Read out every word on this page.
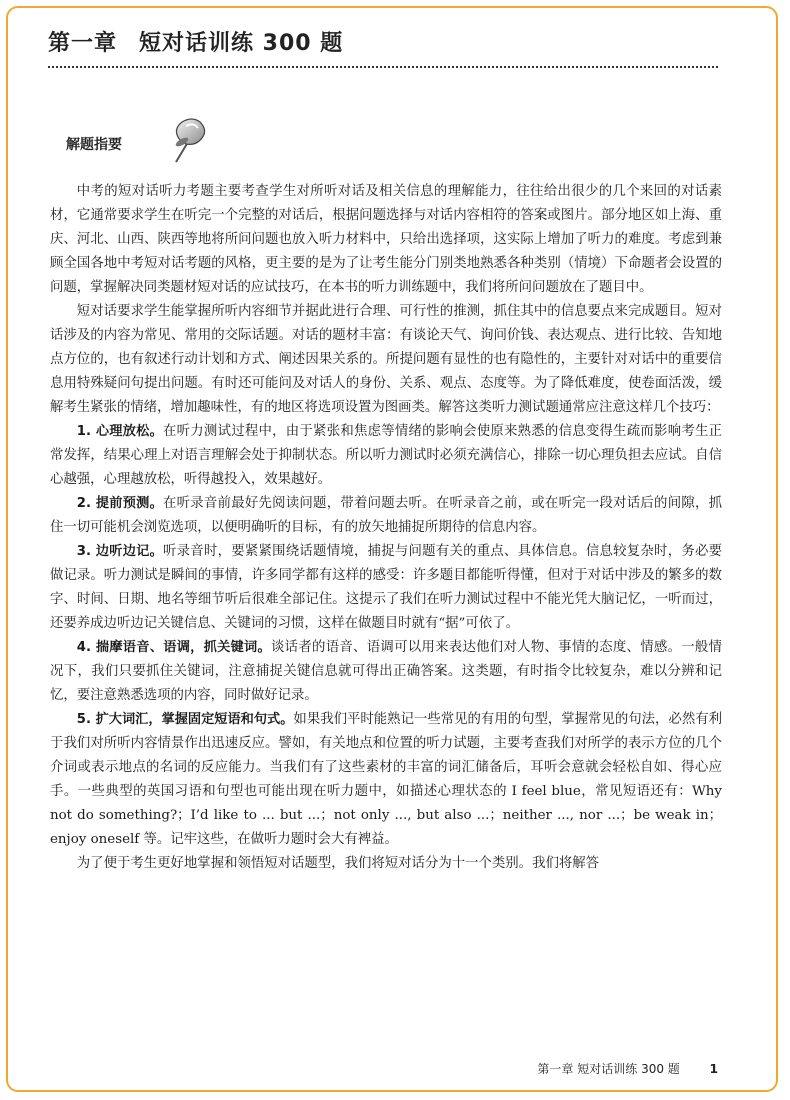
第一章 短对话训练 300 题
解题指要

中考的短对话听力考题主要考查学生对所听对话及相关信息的理解能力，往往给出很少的几个来回的对话素材，它通常要求学生在听完一个完整的对话后，根据问题选择与对话内容相符的答案或图片。部分地区如上海、重庆、河北、山西、陕西等地将所问问题也放入听力材料中，只给出选择项，这实际上增加了听力的难度。考虑到兼顾全国各地中考短对话考题的风格，更主要的是为了让考生能分门别类地熟悉各种类别（情境）下命题者会设置的问题，掌握解决同类题材短对话的应试技巧，在本书的听力训练题中，我们将所问问题放在了题目中。

短对话要求学生能掌握所听内容细节并据此进行合理、可行性的推测，抓住其中的信息要点来完成题目。短对话涉及的内容为常见、常用的交际话题。对话的题材丰富：有谈论天气、询问价钱、表达观点、进行比较、告知地点方位的，也有叙述行动计划和方式、阐述因果关系的。所提问题有显性的也有隐性的，主要针对对话中的重要信息用特殊疑问句提出问题。有时还可能问及对话人的身份、关系、观点、态度等。为了降低难度，使卷面活泼，缓解考生紧张的情绪，增加趣味性，有的地区将选项设置为图画类。解答这类听力测试题通常应注意这样几个技巧：

1. 心理放松。在听力测试过程中，由于紧张和焦虑等情绪的影响会使原来熟悉的信息变得生疏而影响考生正常发挥，结果心理上对语言理解会处于抑制状态。所以听力测试时必须充满信心，排除一切心理负担去应试。自信心越强，心理越放松，听得越投入，效果越好。

2. 提前预测。在听录音前最好先阅读问题，带着问题去听。在听录音之前，或在听完一段对话后的间隙，抓住一切可能机会浏览选项，以便明确听的目标，有的放矢地捕捉所期待的信息内容。

3. 边听边记。听录音时，要紧紧围绕话题情境，捕捉与问题有关的重点、具体信息。信息较复杂时，务必要做记录。听力测试是瞬间的事情，许多同学都有这样的感受：许多题目都能听得懂，但对于对话中涉及的繁多的数字、时间、日期、地名等细节听后很难全部记住。这提示了我们在听力测试过程中不能光凭大脑记忆，一听而过，还要养成边听边记关键信息、关键词的习惯，这样在做题目时就有“据”可依了。

4. 揣摩语音、语调，抓关键词。谈话者的语音、语调可以用来表达他们对人物、事情的态度、情感。一般情况下，我们只要抓住关键词，注意捕捉关键信息就可得出正确答案。这类题，有时指令比较复杂，难以分辨和记忆，要注意熟悉选项的内容，同时做好记录。

5. 扩大词汇，掌握固定短语和句式。如果我们平时能熟记一些常见的有用的句型，掌握常见的句法，必然有利于我们对所听内容情景作出迅速反应。譬如，有关地点和位置的听力试题，主要考查我们对所学的表示方位的几个介词或表示地点的名词的反应能力。当我们有了这些素材的丰富的词汇储备后，耳听会意就会轻松自如、得心应手。一些典型的英国习语和句型也可能出现在听力题中，如描述心理状态的 I feel blue，常见短语还有：Why not do something?；I’d like to ... but ...；not only ..., but also ...；neither ..., nor ...；be weak in；enjoy oneself 等。记牢这些，在做听力题时会大有裨益。

为了便于考生更好地掌握和领悟短对话题型，我们将短对话分为十一个类别。我们将解答

第一章 短对话训练 300 题 1
